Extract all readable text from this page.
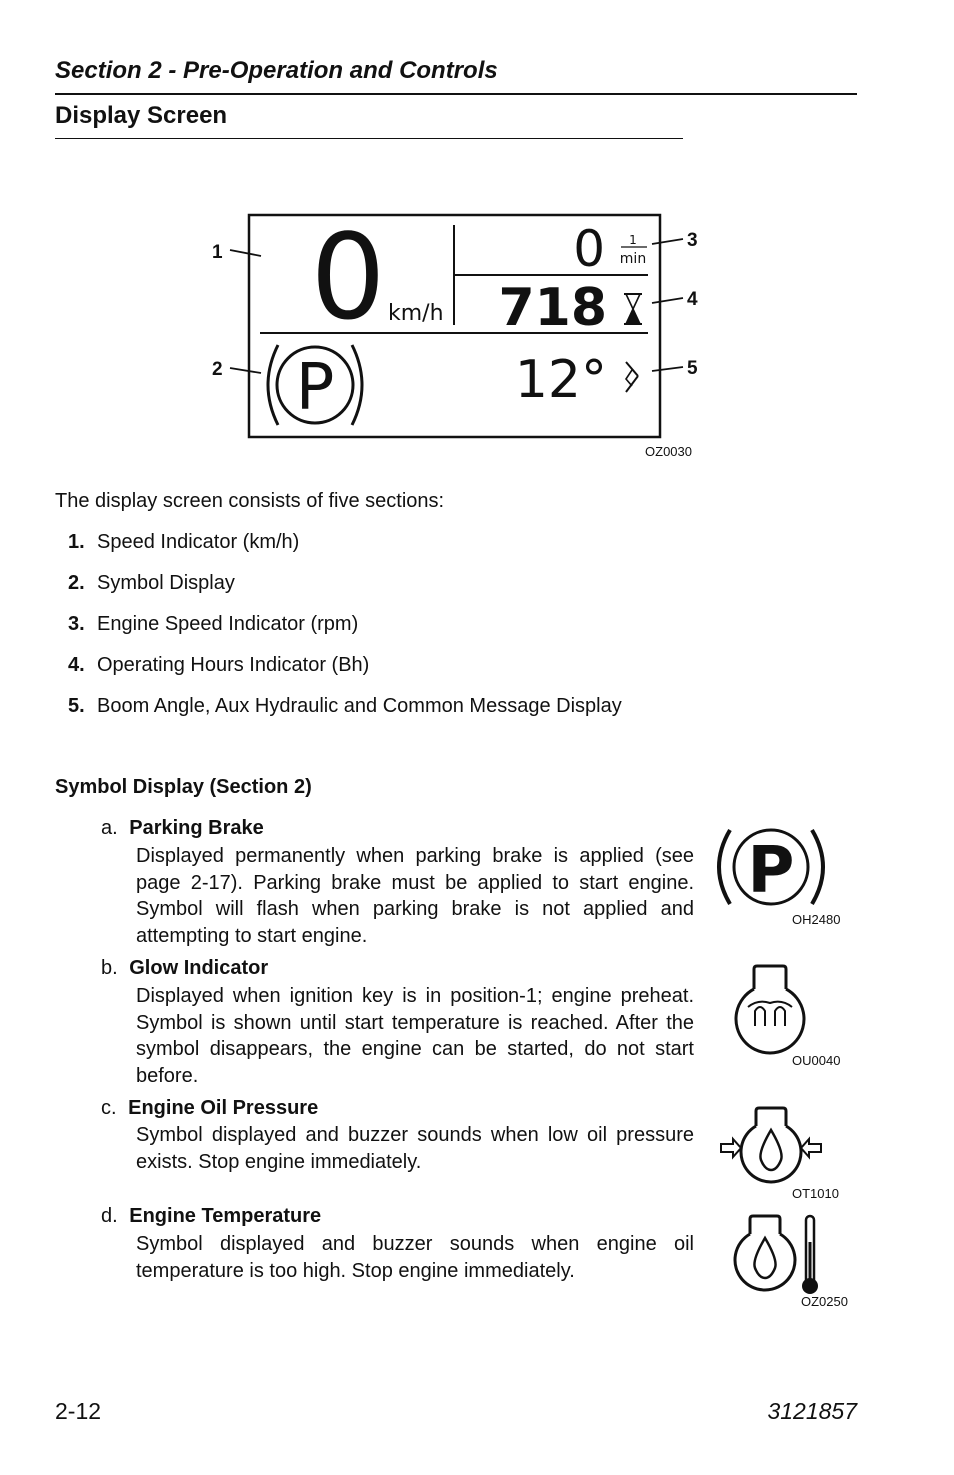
Section 2 - Pre-Operation and Controls
Display Screen
0 km/h
0 1
min
718
P	12°
1
2
3
4
5
OZ0030
The display screen consists of five sections:
1. Speed Indicator (km/h)
2. Symbol Display
3. Engine Speed Indicator (rpm)
4. Operating Hours Indicator (Bh)
5. Boom Angle, Aux Hydraulic and Common Message Display
Symbol Display (Section 2)
a. Parking Brake
Displayed permanently when parking brake is applied (see page 2-17). Parking brake must be applied to start engine. Symbol will flash when parking brake is not applied and attempting to start engine.
P
OH2480
b. Glow Indicator
Displayed when ignition key is in position-1; engine preheat. Symbol is shown until start temperature is reached. After the symbol disappears, the engine can be started, do not start before.
OU0040
c. Engine Oil Pressure
Symbol displayed and buzzer sounds when low oil pressure exists. Stop engine immediately.
OT1010
d. Engine Temperature
Symbol displayed and buzzer sounds when engine oil temperature is too high. Stop engine immediately.
OZ0250
2-12	3121857
